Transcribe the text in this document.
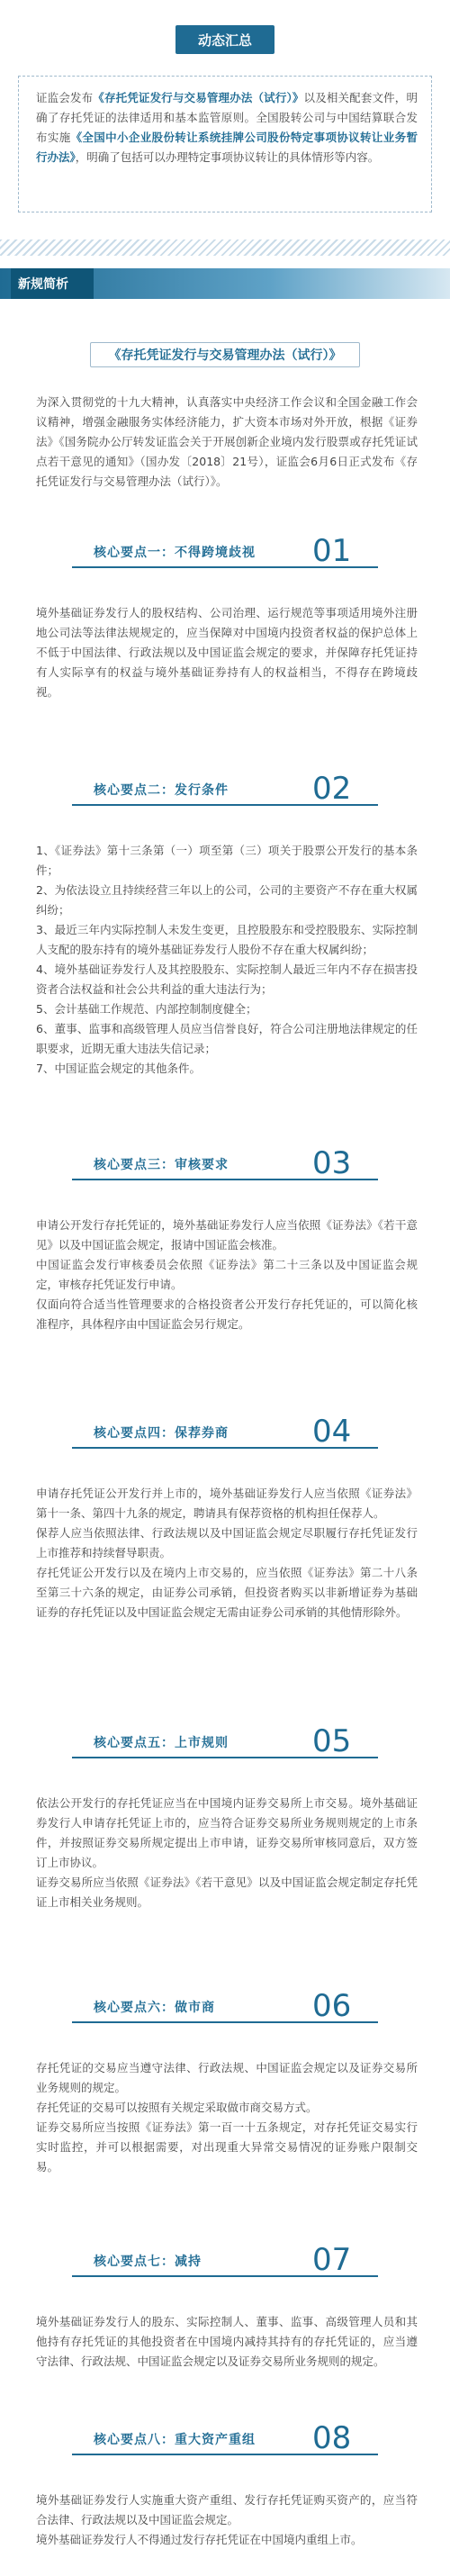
动态汇总
证监会发布《存托凭证发行与交易管理办法（试行）》以及相关配套文件，明确了存托凭证的法律适用和基本监管原则。全国股转公司与中国结算联合发布实施《全国中小企业股份转让系统挂牌公司股份特定事项协议转让业务暂行办法》，明确了包括可以办理特定事项协议转让的具体情形等内容。
新规简析
《存托凭证发行与交易管理办法（试行）》

为深入贯彻党的十九大精神，认真落实中央经济工作会议和全国金融工作会议精神，增强金融服务实体经济能力，扩大资本市场对外开放，根据《证券法》《国务院办公厅转发证监会关于开展创新企业境内发行股票或存托凭证试点若干意见的通知》（国办发〔2018〕21号），证监会6月6日正式发布《存托凭证发行与交易管理办法（试行）》。

核心要点一：不得跨境歧视 01

境外基础证券发行人的股权结构、公司治理、运行规范等事项适用境外注册地公司法等法律法规规定的，应当保障对中国境内投资者权益的保护总体上不低于中国法律、行政法规以及中国证监会规定的要求，并保障存托凭证持有人实际享有的权益与境外基础证券持有人的权益相当，不得存在跨境歧视。

核心要点二：发行条件	02

1、《证券法》第十三条第（一）项至第（三）项关于股票公开发行的基本条件；

2、为依法设立且持续经营三年以上的公司，公司的主要资产不存在重大权属纠纷；

3、最近三年内实际控制人未发生变更，且控股股东和受控股股东、实际控制人支配的股东持有的境外基础证券发行人股份不存在重大权属纠纷；

4、境外基础证券发行人及其控股股东、实际控制人最近三年内不存在损害投资者合法权益和社会公共利益的重大违法行为；

5、会计基础工作规范、内部控制制度健全；

6、董事、监事和高级管理人员应当信誉良好，符合公司注册地法律规定的任职要求，近期无重大违法失信记录；

7、中国证监会规定的其他条件。

核心要点三：审核要求	03

申请公开发行存托凭证的，境外基础证券发行人应当依照《证券法》《若干意见》以及中国证监会规定，报请中国证监会核准。

中国证监会发行审核委员会依照《证券法》第二十三条以及中国证监会规定，审核存托凭证发行申请。

仅面向符合适当性管理要求的合格投资者公开发行存托凭证的，可以简化核准程序，具体程序由中国证监会另行规定。

核心要点四：保荐券商	04

申请存托凭证公开发行并上市的，境外基础证券发行人应当依照《证券法》第十一条、第四十九条的规定，聘请具有保荐资格的机构担任保荐人。

保荐人应当依照法律、行政法规以及中国证监会规定尽职履行存托凭证发行上市推荐和持续督导职责。

存托凭证公开发行以及在境内上市交易的，应当依照《证券法》第二十八条至第三十六条的规定，由证券公司承销，但投资者购买以非新增证券为基础证券的存托凭证以及中国证监会规定无需由证券公司承销的其他情形除外。

核心要点五：上市规则	05

依法公开发行的存托凭证应当在中国境内证券交易所上市交易。境外基础证券发行人申请存托凭证上市的，应当符合证券交易所业务规则规定的上市条件，并按照证券交易所规定提出上市申请，证券交易所审核同意后，双方签订上市协议。

证券交易所应当依照《证券法》《若干意见》以及中国证监会规定制定存托凭证上市相关业务规则。

核心要点六：做市商	06

存托凭证的交易应当遵守法律、行政法规、中国证监会规定以及证券交易所业务规则的规定。

存托凭证的交易可以按照有关规定采取做市商交易方式。

证券交易所应当按照《证券法》第一百一十五条规定，对存托凭证交易实行实时监控，并可以根据需要，对出现重大异常交易情况的证券账户限制交易。

核心要点七：减持	07

境外基础证券发行人的股东、实际控制人、董事、监事、高级管理人员和其他持有存托凭证的其他投资者在中国境内减持其持有的存托凭证的，应当遵守法律、行政法规、中国证监会规定以及证券交易所业务规则的规定。

核心要点八：重大资产重组 08

境外基础证券发行人实施重大资产重组、发行存托凭证购买资产的，应当符合法律、行政法规以及中国证监会规定。

境外基础证券发行人不得通过发行存托凭证在中国境内重组上市。
